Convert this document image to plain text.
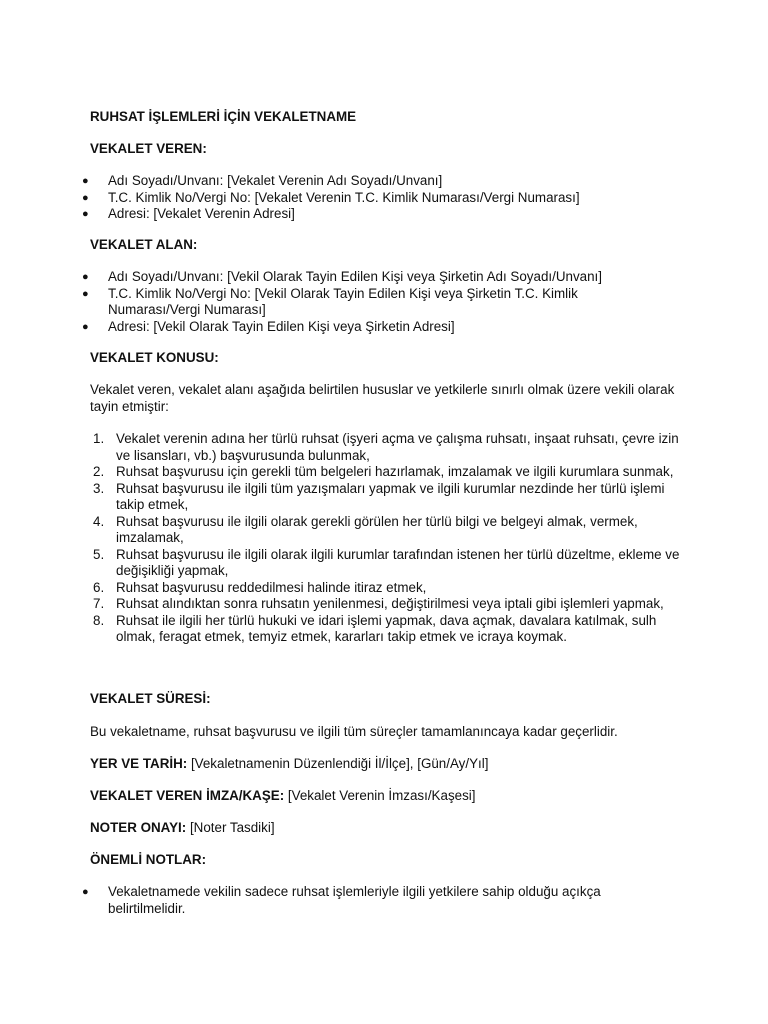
RUHSAT İŞLEMLERİ İÇİN VEKALETNAME
VEKALET VEREN:
● Adı Soyadı/Unvanı: [Vekalet Verenin Adı Soyadı/Unvanı]
● T.C. Kimlik No/Vergi No: [Vekalet Verenin T.C. Kimlik Numarası/Vergi Numarası]
● Adresi: [Vekalet Verenin Adresi]
VEKALET ALAN:
● Adı Soyadı/Unvanı: [Vekil Olarak Tayin Edilen Kişi veya Şirketin Adı Soyadı/Unvanı]
● T.C. Kimlik No/Vergi No: [Vekil Olarak Tayin Edilen Kişi veya Şirketin T.C. Kimlik Numarası/Vergi Numarası]
● Adresi: [Vekil Olarak Tayin Edilen Kişi veya Şirketin Adresi]
VEKALET KONUSU:

Vekalet veren, vekalet alanı aşağıda belirtilen hususlar ve yetkilerle sınırlı olmak üzere vekili olarak tayin etmiştir:

1. Vekalet verenin adına her türlü ruhsat (işyeri açma ve çalışma ruhsatı, inşaat ruhsatı, çevre izin ve lisansları, vb.) başvurusunda bulunmak,
2. Ruhsat başvurusu için gerekli tüm belgeleri hazırlamak, imzalamak ve ilgili kurumlara sunmak,
3. Ruhsat başvurusu ile ilgili tüm yazışmaları yapmak ve ilgili kurumlar nezdinde her türlü işlemi takip etmek,
4. Ruhsat başvurusu ile ilgili olarak gerekli görülen her türlü bilgi ve belgeyi almak, vermek, imzalamak,
5. Ruhsat başvurusu ile ilgili olarak ilgili kurumlar tarafından istenen her türlü düzeltme, ekleme ve değişikliği yapmak,
6. Ruhsat başvurusu reddedilmesi halinde itiraz etmek,
7. Ruhsat alındıktan sonra ruhsatın yenilenmesi, değiştirilmesi veya iptali gibi işlemleri yapmak,
8. Ruhsat ile ilgili her türlü hukuki ve idari işlemi yapmak, dava açmak, davalara katılmak, sulh olmak, feragat etmek, temyiz etmek, kararları takip etmek ve icraya koymak.
VEKALET SÜRESİ:

Bu vekaletname, ruhsat başvurusu ve ilgili tüm süreçler tamamlanıncaya kadar geçerlidir.

YER VE TARİH: [Vekaletnamenin Düzenlendiği İl/İlçe], [Gün/Ay/Yıl]

VEKALET VEREN İMZA/KAŞE: [Vekalet Verenin İmzası/Kaşesi]

NOTER ONAYI: [Noter Tasdiki]

ÖNEMLİ NOTLAR:
● Vekaletnamede vekilin sadece ruhsat işlemleriyle ilgili yetkilere sahip olduğu açıkça belirtilmelidir.
